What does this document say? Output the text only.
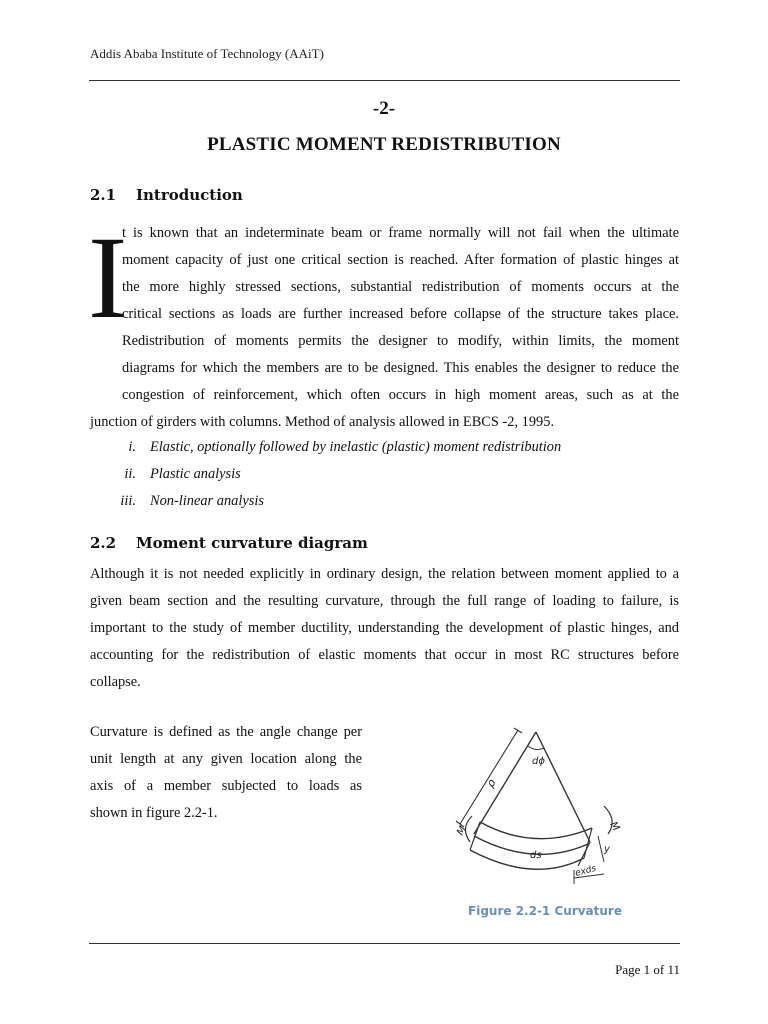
Addis Ababa Institute of Technology (AAiT)
-2-
PLASTIC MOMENT REDISTRIBUTION
2.1 Introduction
I
t is known that an indeterminate beam or frame normally will not fail when the ultimate
moment capacity of just one critical section is reached. After formation of plastic hinges at
the more highly stressed sections, substantial redistribution of moments occurs at the
critical sections as loads are further increased before collapse of the structure takes place.
Redistribution of moments permits the designer to modify, within limits, the moment
diagrams for which the members are to be designed. This enables the designer to reduce the
congestion of reinforcement, which often occurs in high moment areas, such as at the
junction of girders with columns. Method of analysis allowed in EBCS -2, 1995.
i. Elastic, optionally followed by inelastic (plastic) moment redistribution
ii. Plastic analysis
iii. Non-linear analysis
2.2 Moment curvature diagram
Although it is not needed explicitly in ordinary design, the relation between moment applied to a
given beam section and the resulting curvature, through the full range of loading to failure, is
important to the study of member ductility, understanding the development of plastic hinges, and
accounting for the redistribution of elastic moments that occur in most RC structures before
collapse.
Curvature is defined as the angle change per
unit length at any given location along the
axis of a member subjected to loads as
shown in figure 2.2-1.
dϕ
ρ
ds
y
exds
M	M
Figure 2.2-1 Curvature
Page 1 of 11
